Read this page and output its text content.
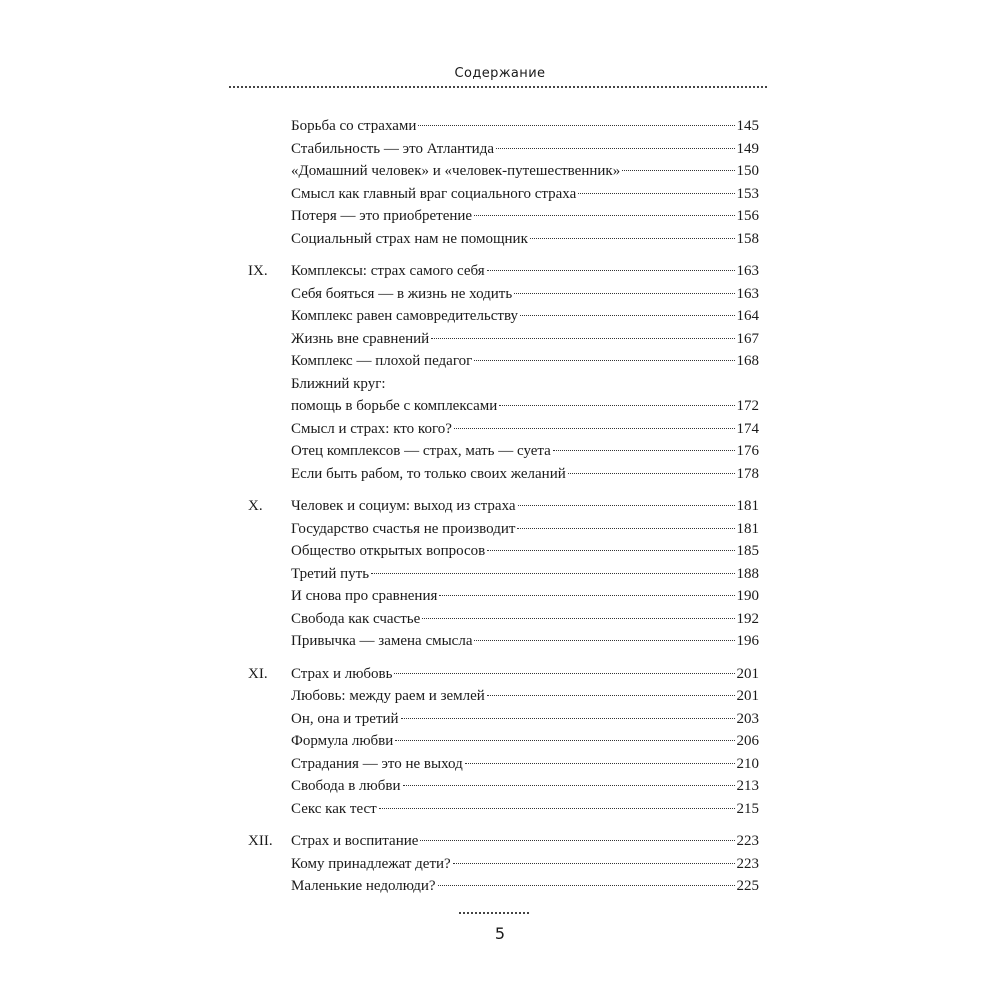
Содержание
Борьба со страхами	145
Стабильность — это Атлантида	149
«Домашний человек» и «человек-путешественник»	150
Смысл как главный враг социального страха	153
Потеря — это приобретение	156
Социальный страх нам не помощник	158
IX. Комплексы: страх самого себя	163
Себя бояться — в жизнь не ходить	163
Комплекс равен самовредительству	164
Жизнь вне сравнений	167
Комплекс — плохой педагог	168
Ближний круг:
помощь в борьбе с комплексами	172
Смысл и страх: кто кого?	174
Отец комплексов — страх, мать — суета	176
Если быть рабом, то только своих желаний	178
X. Человек и социум: выход из страха	181
Государство счастья не производит	181
Общество открытых вопросов	185
Третий путь	188
И снова про сравнения	190
Свобода как счастье	192
Привычка — замена смысла	196
XI. Страх и любовь	201
Любовь: между раем и землей	201
Он, она и третий	203
Формула любви	206
Страдания — это не выход	210
Свобода в любви	213
Секс как тест	215
XII. Страх и воспитание	223
Кому принадлежат дети?	223
Маленькие недолюди?	225
5
